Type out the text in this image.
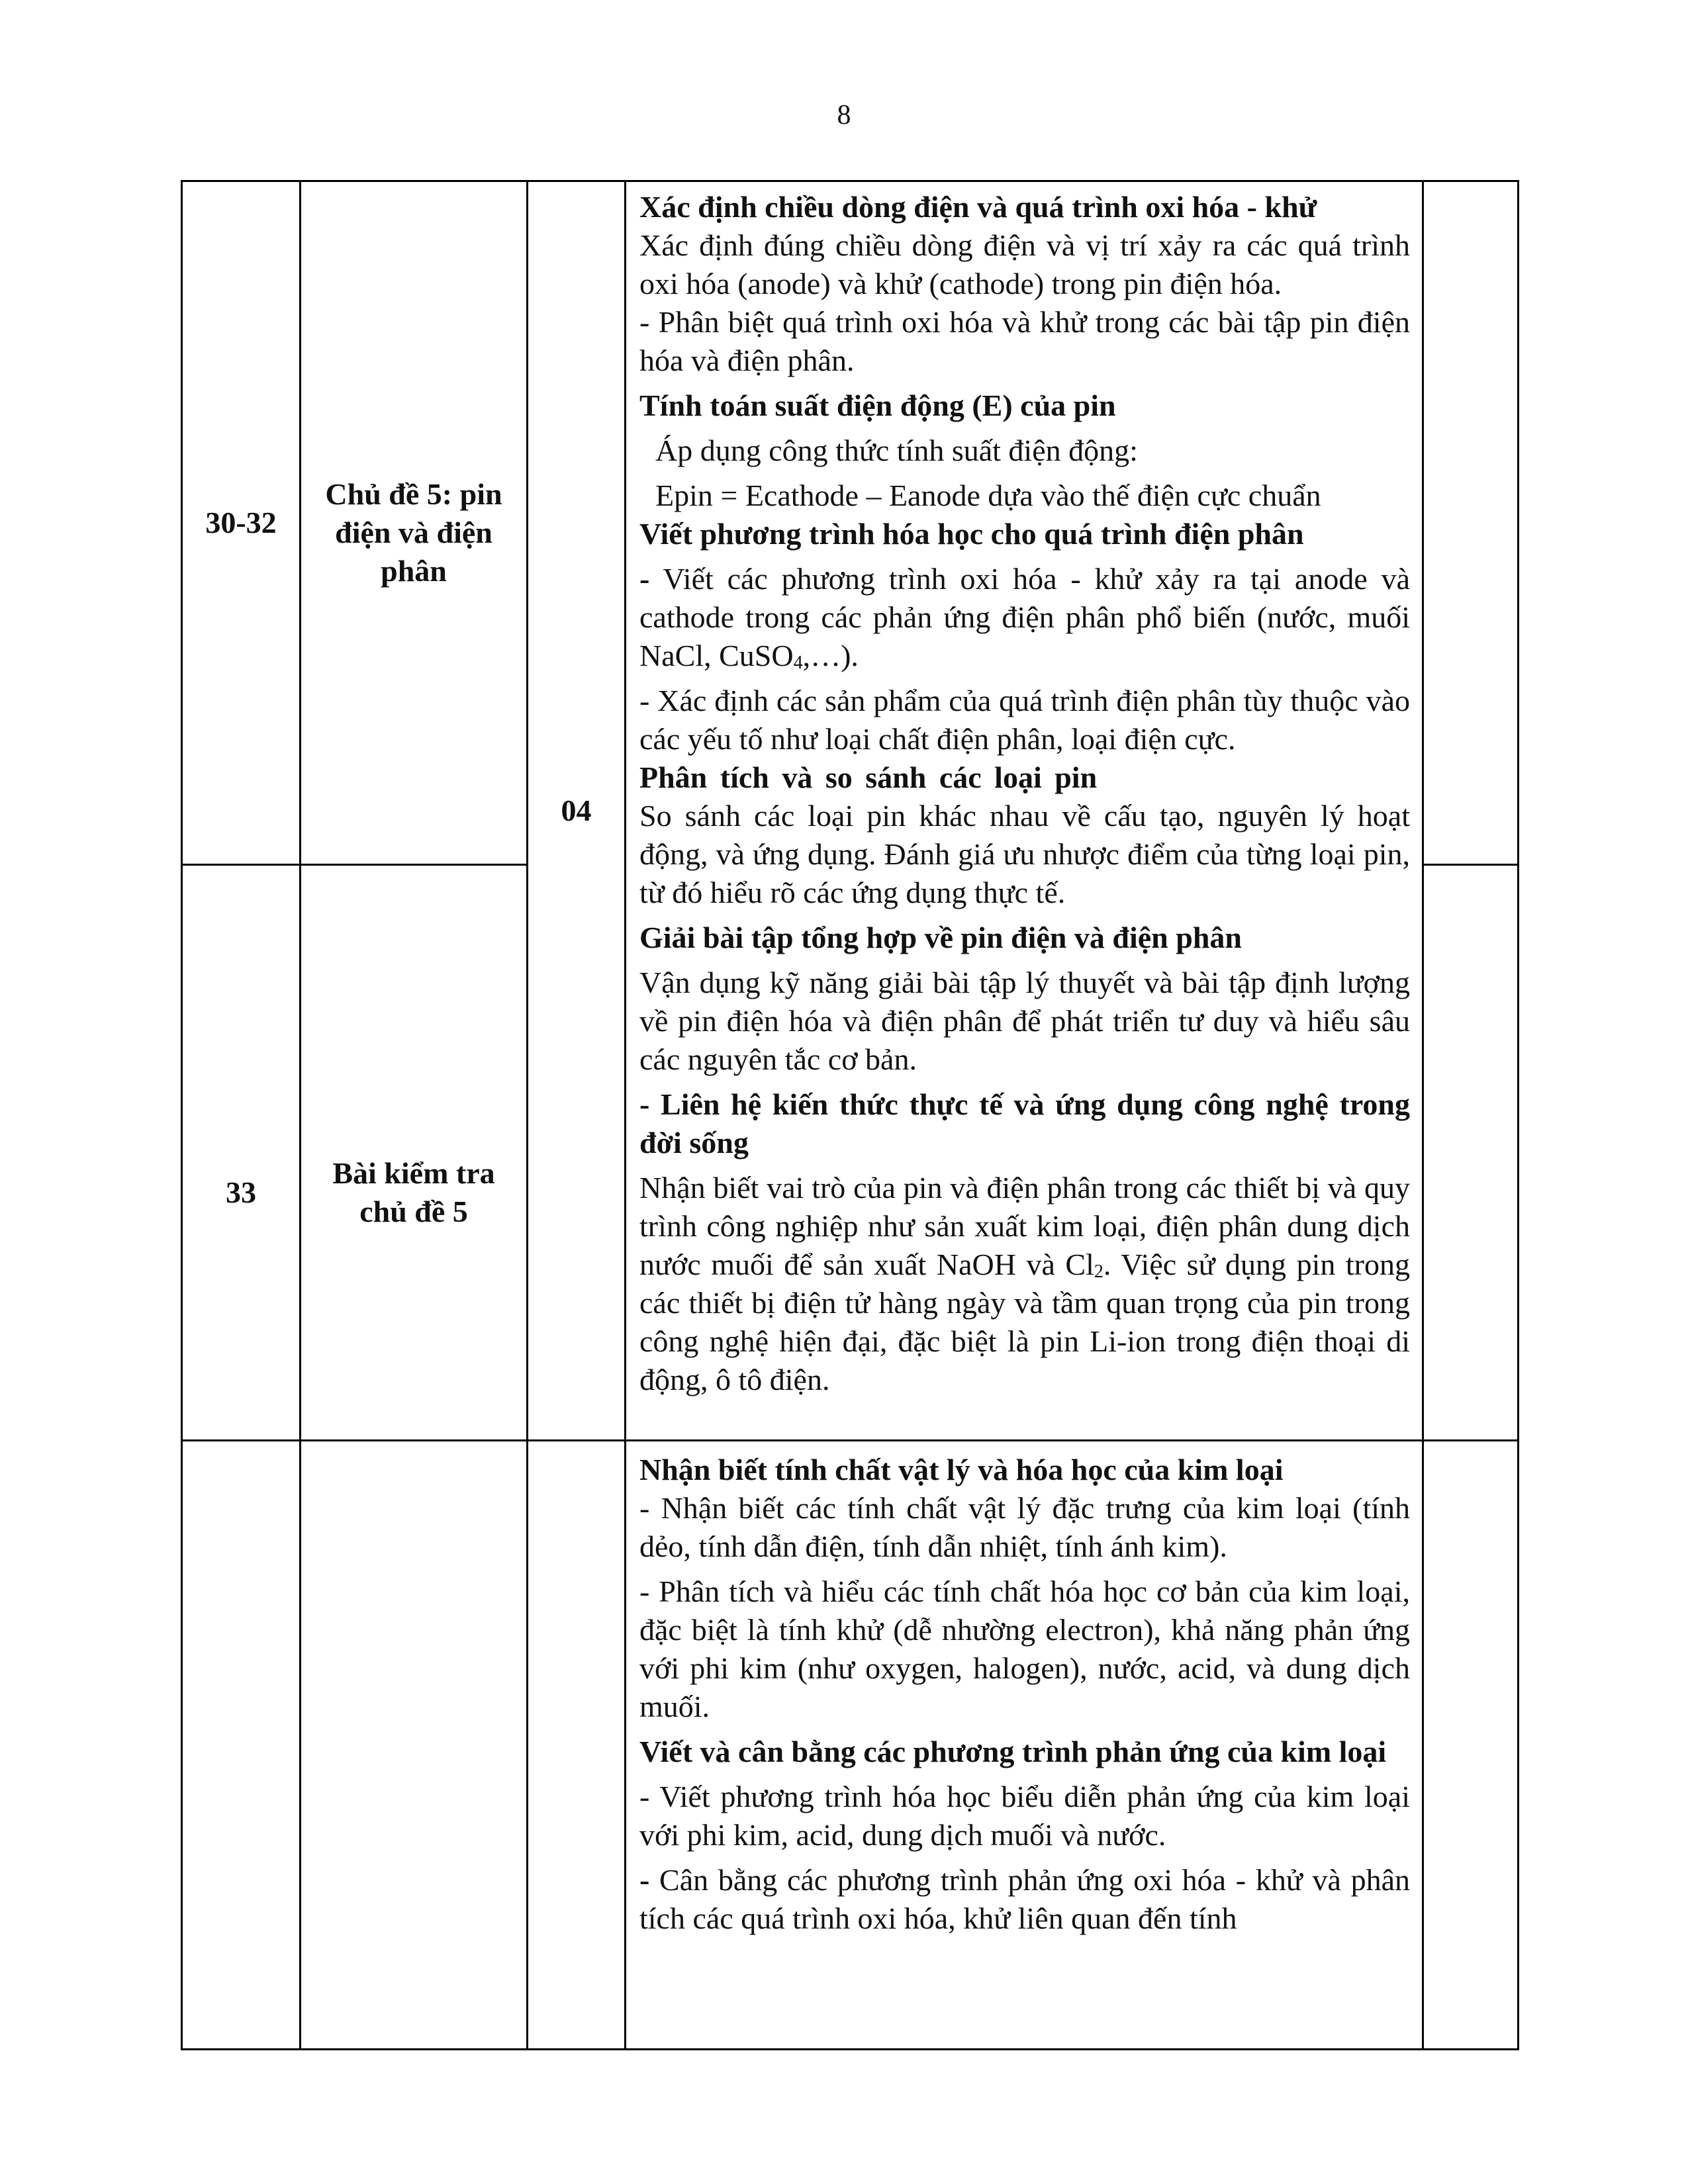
8
30-32
Chủ đề 5: pin
điện và điện
phân
33
Bài kiểm tra
chủ đề 5
04

Xác định chiều dòng điện và quá trình oxi hóa - khử

Xác định đúng chiều dòng điện và vị trí xảy ra các quá trình oxi hóa (anode) và khử (cathode) trong pin điện hóa.

- Phân biệt quá trình oxi hóa và khử trong các bài tập pin điện hóa và điện phân.

Tính toán suất điện động (E) của pin

Áp dụng công thức tính suất điện động:

Epin = Ecathode – Eanode dựa vào thế điện cực chuẩn

Viết phương trình hóa học cho quá trình điện phân

- Viết các phương trình oxi hóa - khử xảy ra tại anode và cathode trong các phản ứng điện phân phổ biến (nước, muối NaCl, CuSO$_4$,…).

- Xác định các sản phẩm của quá trình điện phân tùy thuộc vào các yếu tố như loại chất điện phân, loại điện cực.

Phân tích và so sánh các loại pin

So sánh các loại pin khác nhau về cấu tạo, nguyên lý hoạt động, và ứng dụng. Đánh giá ưu nhược điểm của từng loại pin, từ đó hiểu rõ các ứng dụng thực tế.

Giải bài tập tổng hợp về pin điện và điện phân

Vận dụng kỹ năng giải bài tập lý thuyết và bài tập định lượng về pin điện hóa và điện phân để phát triển tư duy và hiểu sâu các nguyên tắc cơ bản.

- Liên hệ kiến thức thực tế và ứng dụng công nghệ trong đời sống

Nhận biết vai trò của pin và điện phân trong các thiết bị và quy trình công nghiệp như sản xuất kim loại, điện phân dung dịch nước muối để sản xuất NaOH và $Cl_2$. Việc sử dụng pin trong các thiết bị điện tử hàng ngày và tầm quan trọng của pin trong công nghệ hiện đại, đặc biệt là pin Li-ion trong điện thoại di động, ô tô điện.

Nhận biết tính chất vật lý và hóa học của kim loại

- Nhận biết các tính chất vật lý đặc trưng của kim loại (tính dẻo, tính dẫn điện, tính dẫn nhiệt, tính ánh kim).

- Phân tích và hiểu các tính chất hóa học cơ bản của kim loại, đặc biệt là tính khử (dễ nhường electron), khả năng phản ứng với phi kim (như oxygen, halogen), nước, acid, và dung dịch muối.

Viết và cân bằng các phương trình phản ứng của kim loại

- Viết phương trình hóa học biểu diễn phản ứng của kim loại với phi kim, acid, dung dịch muối và nước.

- Cân bằng các phương trình phản ứng oxi hóa - khử và phân tích các quá trình oxi hóa, khử liên quan đến tính
